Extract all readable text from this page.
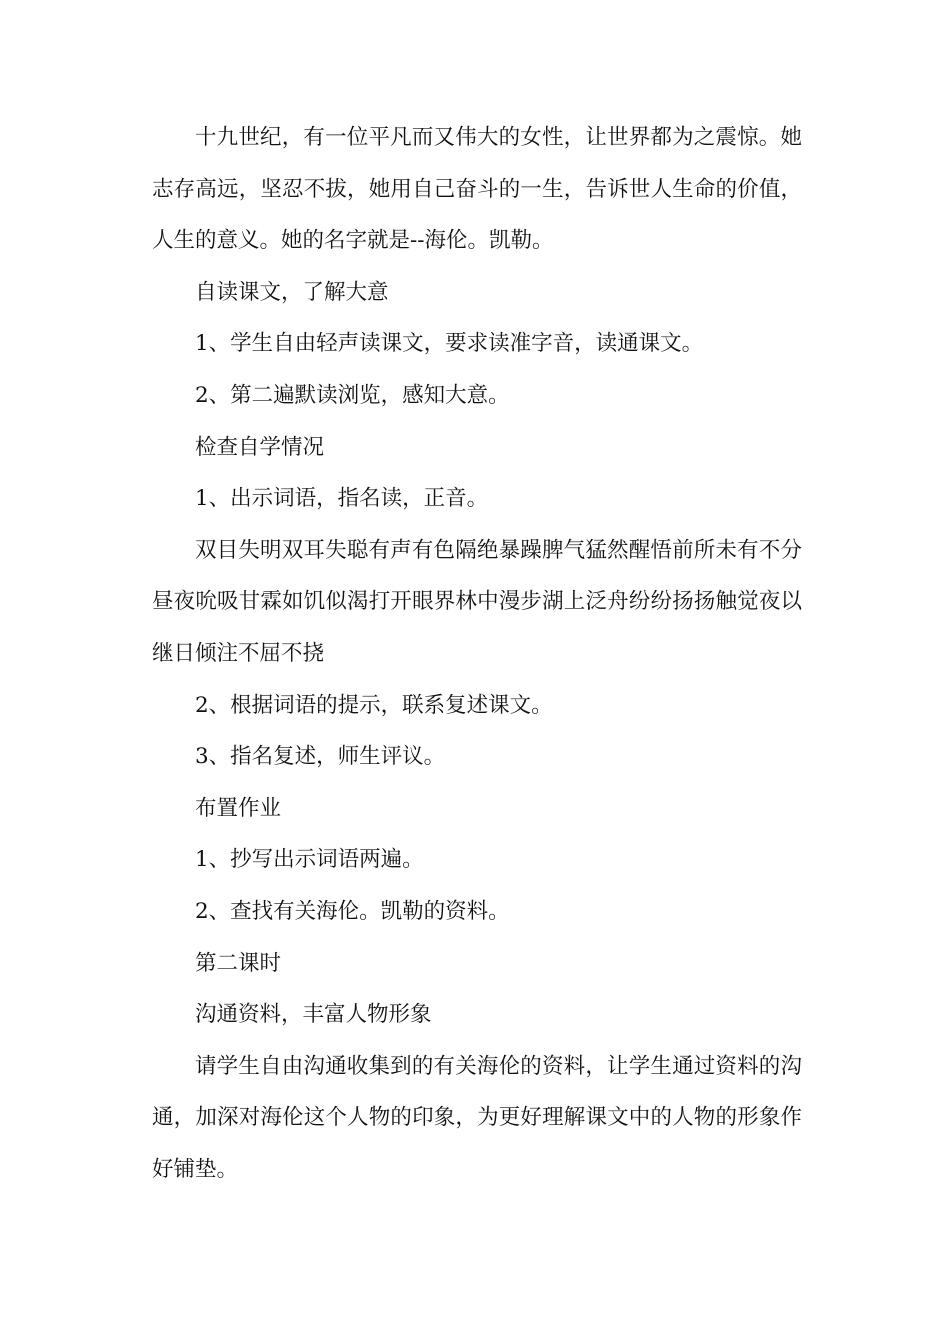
十九世纪，有一位平凡而又伟大的女性，让世界都为之震惊。她志存高远，坚忍不拔，她用自己奋斗的一生，告诉世人生命的价值，人生的意义。她的名字就是--海伦。凯勒。

自读课文，了解大意

1、学生自由轻声读课文，要求读准字音，读通课文。

2、第二遍默读浏览，感知大意。

检查自学情况

1、出示词语，指名读，正音。

双目失明双耳失聪有声有色隔绝暴躁脾气猛然醒悟前所未有不分昼夜吮吸甘霖如饥似渴打开眼界林中漫步湖上泛舟纷纷扬扬触觉夜以继日倾注不屈不挠

2、根据词语的提示，联系复述课文。

3、指名复述，师生评议。

布置作业

1、抄写出示词语两遍。

2、查找有关海伦。凯勒的资料。

第二课时

沟通资料，丰富人物形象

请学生自由沟通收集到的有关海伦的资料，让学生通过资料的沟通，加深对海伦这个人物的印象，为更好理解课文中的人物的形象作好铺垫。
